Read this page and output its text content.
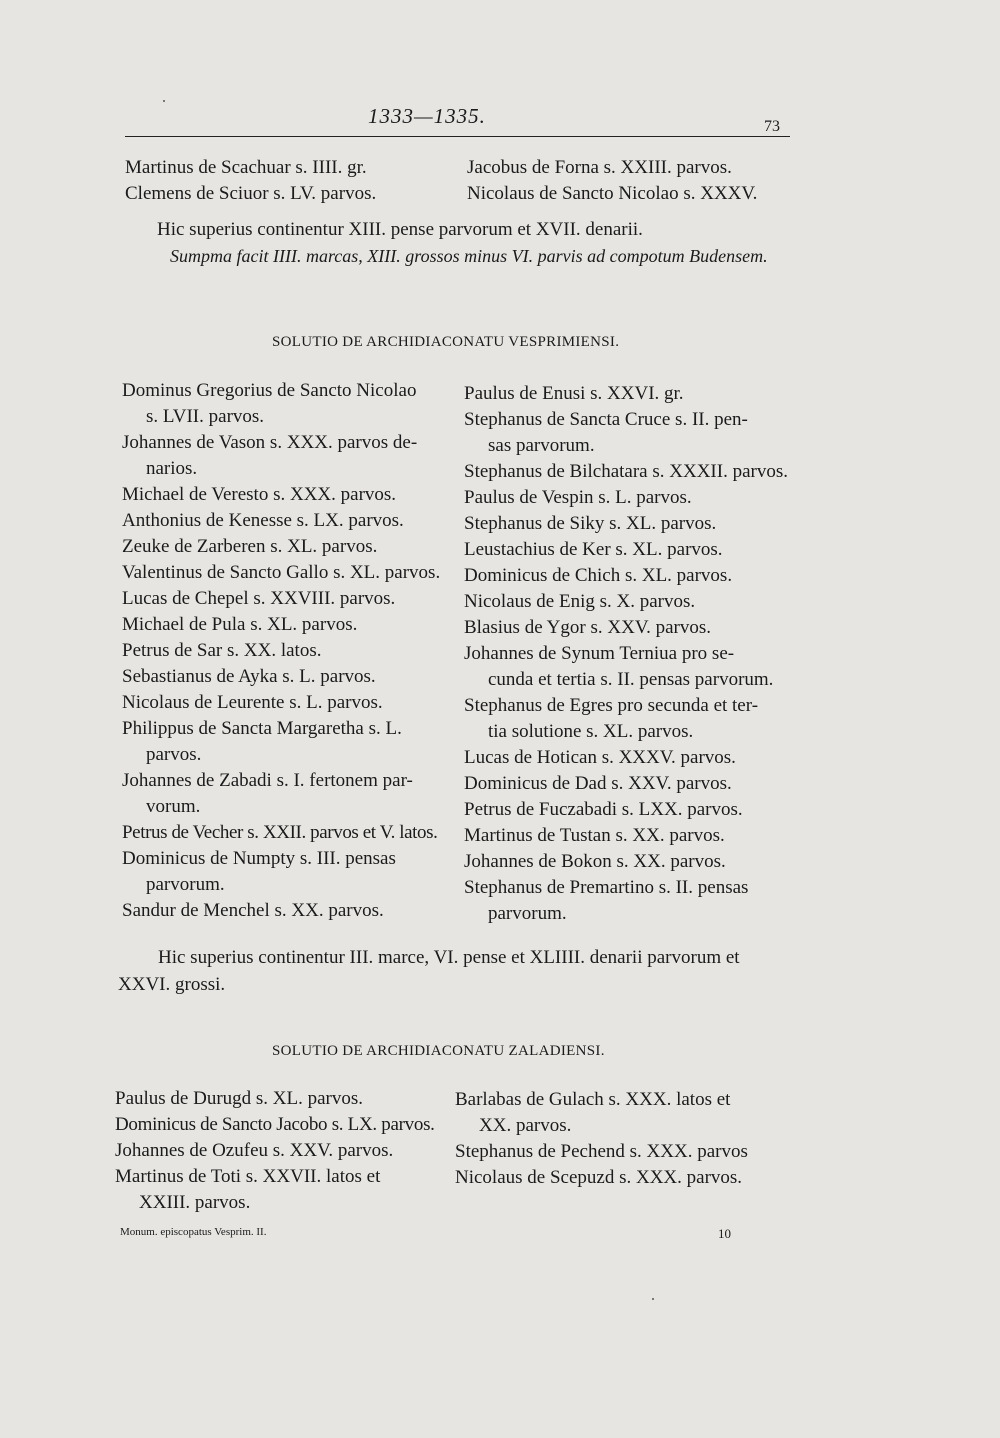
1333—1335.	73
Martinus de Scachuar s. IIII. gr.
Clemens de Sciuor s. LV. parvos.
Jacobus de Forna s. XXIII. parvos.
Nicolaus de Sancto Nicolao s. XXXV.
Hic superius continentur XIII. pense parvorum et XVII. denarii.
Sumpma facit IIII. marcas, XIII. grossos minus VI. parvis ad compotum Budensem.
SOLUTIO DE ARCHIDIACONATU VESPRIMIENSI.
Dominus Gregorius de Sancto Nicolao
s. LVII. parvos.
Johannes de Vason s. XXX. parvos de-
narios.
Michael de Veresto s. XXX. parvos.
Anthonius de Kenesse s. LX. parvos.
Zeuke de Zarberen s. XL. parvos.
Valentinus de Sancto Gallo s. XL. parvos.
Lucas de Chepel s. XXVIII. parvos.
Michael de Pula s. XL. parvos.
Petrus de Sar s. XX. latos.
Sebastianus de Ayka s. L. parvos.
Nicolaus de Leurente s. L. parvos.
Philippus de Sancta Margaretha s. L.
parvos.
Johannes de Zabadi s. I. fertonem par-
vorum.
Petrus de Vecher s. XXII. parvos et V. latos.
Dominicus de Numpty s. III. pensas
parvorum.
Sandur de Menchel s. XX. parvos.
Paulus de Enusi s. XXVI. gr.
Stephanus de Sancta Cruce s. II. pen-
sas parvorum.
Stephanus de Bilchatara s. XXXII. parvos.
Paulus de Vespin s. L. parvos.
Stephanus de Siky s. XL. parvos.
Leustachius de Ker s. XL. parvos.
Dominicus de Chich s. XL. parvos.
Nicolaus de Enig s. X. parvos.
Blasius de Ygor s. XXV. parvos.
Johannes de Synum Terniua pro se-
cunda et tertia s. II. pensas parvorum.
Stephanus de Egres pro secunda et ter-
tia solutione s. XL. parvos.
Lucas de Hotican s. XXXV. parvos.
Dominicus de Dad s. XXV. parvos.
Petrus de Fuczabadi s. LXX. parvos.
Martinus de Tustan s. XX. parvos.
Johannes de Bokon s. XX. parvos.
Stephanus de Premartino s. II. pensas
parvorum.
Hic superius continentur III. marce, VI. pense et XLIIII. denarii parvorum et
XXVI. grossi.
SOLUTIO DE ARCHIDIACONATU ZALADIENSI.
Paulus de Durugd s. XL. parvos.
Dominicus de Sancto Jacobo s. LX. parvos.
Johannes de Ozufeu s. XXV. parvos.
Martinus de Toti s. XXVII. latos et
XXIII. parvos.
Barlabas de Gulach s. XXX. latos et
XX. parvos.
Stephanus de Pechend s. XXX. parvos
Nicolaus de Scepuzd s. XXX. parvos.
Monum. episcopatus Vesprim. II.	10
